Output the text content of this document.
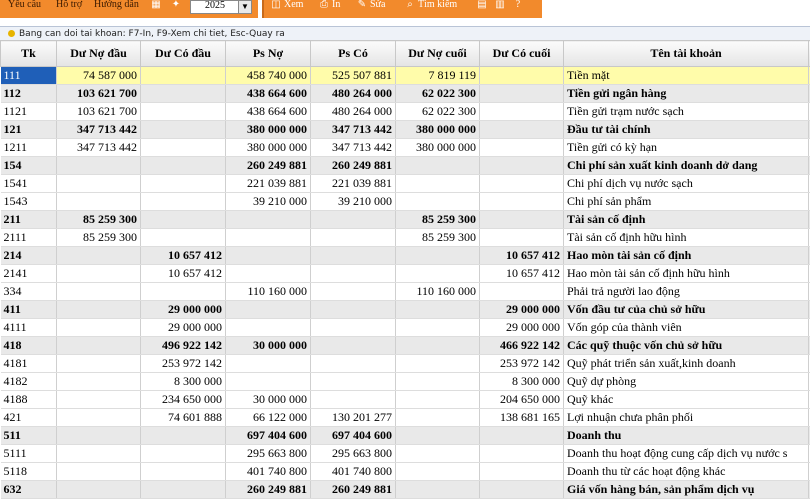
Yêu cầu Hỗ trợ Hướng dẫn ▦ ✦	2025	▼	◫ Xem ⎙ In ✎ Sửa	⌕ Tìm kiếm ▤ ▥	?
Bang can doi tai khoan: F7-In, F9-Xem chi tiet, Esc-Quay ra
Tk	Dư Nợ đầu	Dư Có đầu	Ps Nợ	Ps Có	Dư Nợ cuối	Dư Có cuối	Tên tài khoản	
111	74 587 000		458 740 000	525 507 881	7 819 119		Tiền mặt	
112	103 621 700		438 664 600	480 264 000	62 022 300		Tiền gửi ngân hàng	
1121	103 621 700		438 664 600	480 264 000	62 022 300		Tiền gửi trạm nước sạch	
121	347 713 442		380 000 000	347 713 442	380 000 000		Đầu tư tài chính	
1211	347 713 442		380 000 000	347 713 442	380 000 000		Tiền gửi có kỳ hạn	
154			260 249 881	260 249 881			Chi phí sản xuất kinh doanh dở dang	
1541			221 039 881	221 039 881			Chi phí dịch vụ nước sạch	
1543			39 210 000	39 210 000			Chi phí sản phẩm	
211	85 259 300				85 259 300		Tài sản cố định	
2111	85 259 300				85 259 300		Tài sản cố định hữu hình	
214		10 657 412				10 657 412	Hao mòn tài sản cố định	
2141		10 657 412				10 657 412	Hao mòn tài sản cố định hữu hình	
334			110 160 000		110 160 000		Phải trả người lao động	
411		29 000 000				29 000 000	Vốn đầu tư của chủ sở hữu	
4111		29 000 000				29 000 000	Vốn góp của thành viên	
418		496 922 142	30 000 000			466 922 142	Các quỹ thuộc vốn chủ sở hữu	
4181		253 972 142				253 972 142	Quỹ phát triển sản xuất,kinh doanh	
4182		8 300 000				8 300 000	Quỹ dự phòng	
4188		234 650 000	30 000 000			204 650 000	Quỹ khác	
421		74 601 888	66 122 000	130 201 277		138 681 165	Lợi nhuận chưa phân phối	
511			697 404 600	697 404 600			Doanh thu	
5111			295 663 800	295 663 800			Doanh thu hoạt động cung cấp dịch vụ nước s	
5118			401 740 800	401 740 800			Doanh thu từ các hoạt động khác	
632			260 249 881	260 249 881			Giá vốn hàng bán, sản phẩm dịch vụ	
